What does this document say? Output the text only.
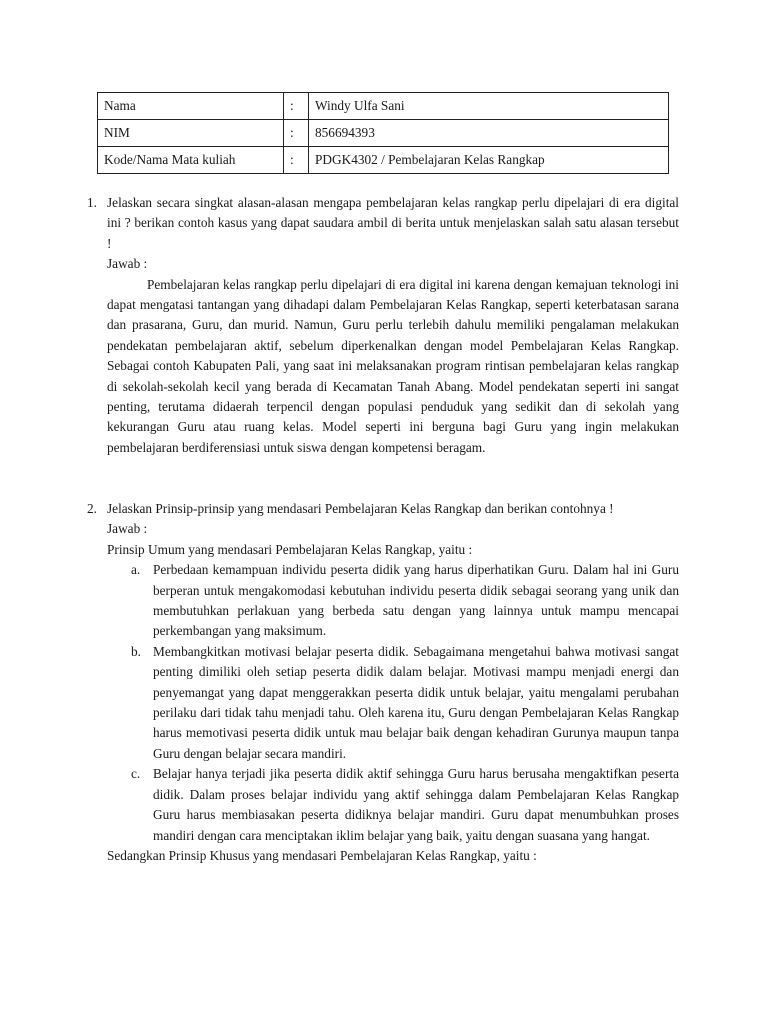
Nama	:	Windy Ulfa Sani
NIM	:	856694393
Kode/Nama Mata kuliah	:	PDGK4302 / Pembelajaran Kelas Rangkap
1. Jelaskan secara singkat alasan-alasan mengapa pembelajaran kelas rangkap perlu dipelajari di era digital ini ? berikan contoh kasus yang dapat saudara ambil di berita untuk menjelaskan salah satu alasan tersebut !
Jawab :
Pembelajaran kelas rangkap perlu dipelajari di era digital ini karena dengan kemajuan teknologi ini dapat mengatasi tantangan yang dihadapi dalam Pembelajaran Kelas Rangkap, seperti keterbatasan sarana dan prasarana, Guru, dan murid. Namun, Guru perlu terlebih dahulu memiliki pengalaman melakukan pendekatan pembelajaran aktif, sebelum diperkenalkan dengan model Pembelajaran Kelas Rangkap. Sebagai contoh Kabupaten Pali, yang saat ini melaksanakan program rintisan pembelajaran kelas rangkap di sekolah-sekolah kecil yang berada di Kecamatan Tanah Abang. Model pendekatan seperti ini sangat penting, terutama didaerah terpencil dengan populasi penduduk yang sedikit dan di sekolah yang kekurangan Guru atau ruang kelas. Model seperti ini berguna bagi Guru yang ingin melakukan pembelajaran berdiferensiasi untuk siswa dengan kompetensi beragam.
2. Jelaskan Prinsip-prinsip yang mendasari Pembelajaran Kelas Rangkap dan berikan contohnya !
Jawab :
Prinsip Umum yang mendasari Pembelajaran Kelas Rangkap, yaitu :
a. Perbedaan kemampuan individu peserta didik yang harus diperhatikan Guru. Dalam hal ini Guru berperan untuk mengakomodasi kebutuhan individu peserta didik sebagai seorang yang unik dan membutuhkan perlakuan yang berbeda satu dengan yang lainnya untuk mampu mencapai perkembangan yang maksimum.
b. Membangkitkan motivasi belajar peserta didik. Sebagaimana mengetahui bahwa motivasi sangat penting dimiliki oleh setiap peserta didik dalam belajar. Motivasi mampu menjadi energi dan penyemangat yang dapat menggerakkan peserta didik untuk belajar, yaitu mengalami perubahan perilaku dari tidak tahu menjadi tahu. Oleh karena itu, Guru dengan Pembelajaran Kelas Rangkap harus memotivasi peserta didik untuk mau belajar baik dengan kehadiran Gurunya maupun tanpa Guru dengan belajar secara mandiri.
c. Belajar hanya terjadi jika peserta didik aktif sehingga Guru harus berusaha mengaktifkan peserta didik. Dalam proses belajar individu yang aktif sehingga dalam Pembelajaran Kelas Rangkap Guru harus membiasakan peserta didiknya belajar mandiri. Guru dapat menumbuhkan proses mandiri dengan cara menciptakan iklim belajar yang baik, yaitu dengan suasana yang hangat.
Sedangkan Prinsip Khusus yang mendasari Pembelajaran Kelas Rangkap, yaitu :
